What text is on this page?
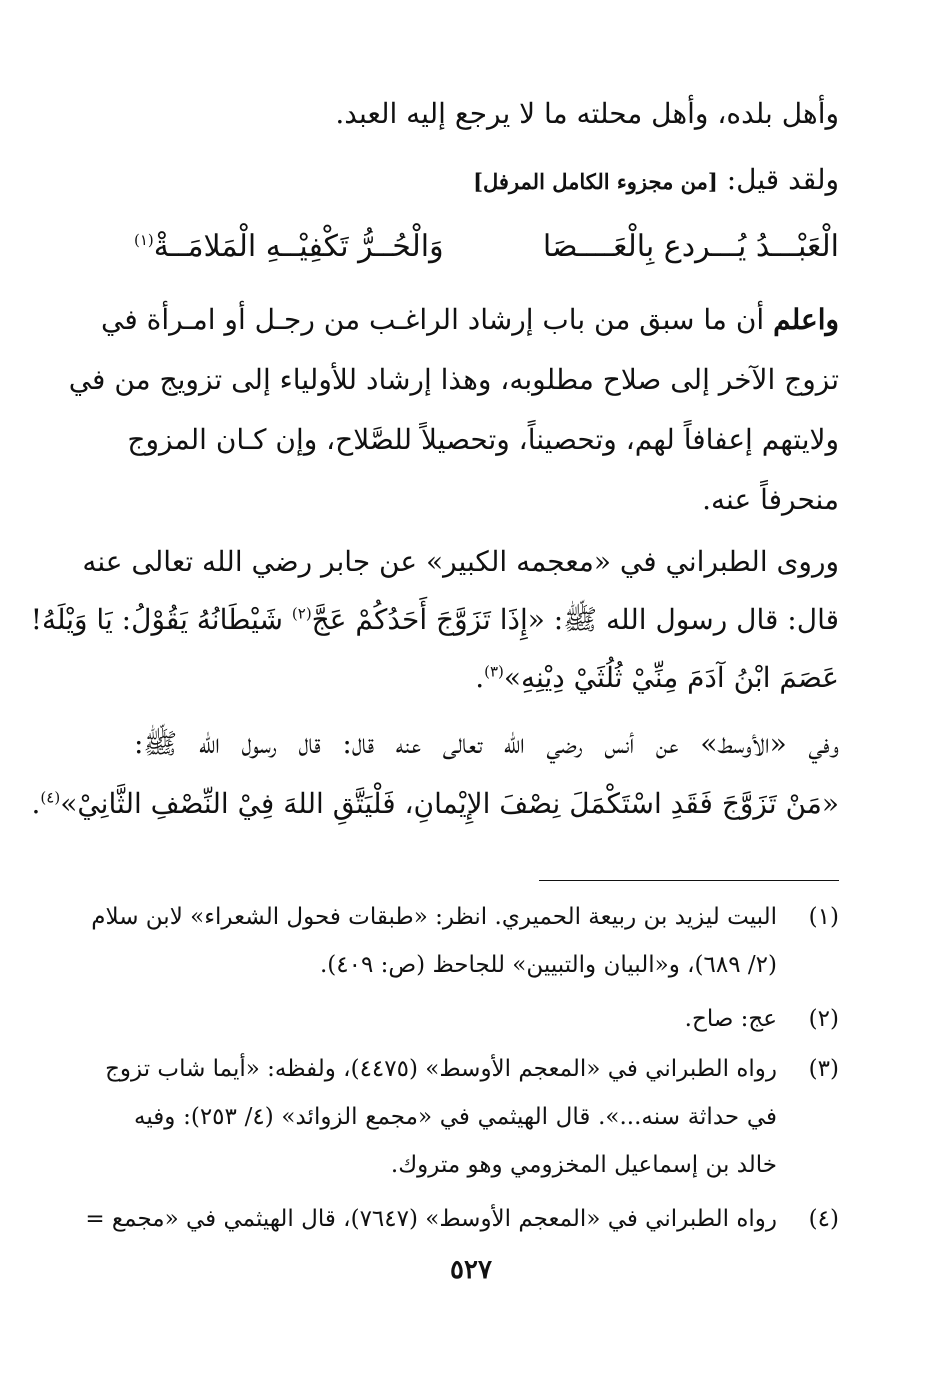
وأهل بلده، وأهل محلته ما لا يرجع إليه العبد.

ولقد قيل: [من مجزوء الكامل المرفل]

الْعَبْـــدُ يُـــردع بِالْعَــــصَا
وَالْحُــرُّ تَكْفِيْــهِ الْمَلامَــةْ$^{(١)}$

واعلم أن ما سبق من باب إرشاد الراغـب من رجـل أو امـرأة في

تزوج الآخر إلى صلاح مطلوبه، وهذا إرشاد للأولياء إلى تزويج من في

ولايتهم إعفافاً لهم، وتحصيناً، وتحصيلاً للصَّلاح، وإن كـان المزوج

منحرفاً عنه.

وروى الطبراني في «معجمه الكبير» عن جابر رضي الله تعالى عنه

قال: قال رسول الله ﷺ: «إِذَا تَزَوَّجَ أَحَدُكُمْ عَجَّ$^{(٢)}$ شَيْطَانُهُ يَقُوْلُ: يَا وَيْلَهُ!

عَصَمَ ابْنُ آدَمَ مِنِّيْ ثُلُثَيْ دِيْنِهِ»$^{(٣)}$.

وفي «الأوسط» عن أنس رضي الله تعالى عنه قال: قال رسول الله ﷺ:

«مَنْ تَزَوَّجَ فَقَدِ اسْتَكْمَلَ نِصْفَ الإِيْمانِ، فَلْيَتَّقِ اللهَ فِيْ النِّصْفِ الثَّانِيْ»$^{(٤)}$.

(١)
البيت ليزيد بن ربيعة الحميري. انظر: «طبقات فحول الشعراء» لابن سلام
(٢/ ٦٨٩)، و«البيان والتبيين» للجاحظ (ص: ٤٠٩).
(٢)
عج: صاح.
(٣)
رواه الطبراني في «المعجم الأوسط» (٤٤٧٥)، ولفظه: «أيما شاب تزوج
في حداثة سنه...». قال الهيثمي في «مجمع الزوائد» (٤/ ٢٥٣): وفيه
خالد بن إسماعيل المخزومي وهو متروك.
(٤)
رواه الطبراني في «المعجم الأوسط» (٧٦٤٧)، قال الهيثمي في «مجمع =
٥٢٧
